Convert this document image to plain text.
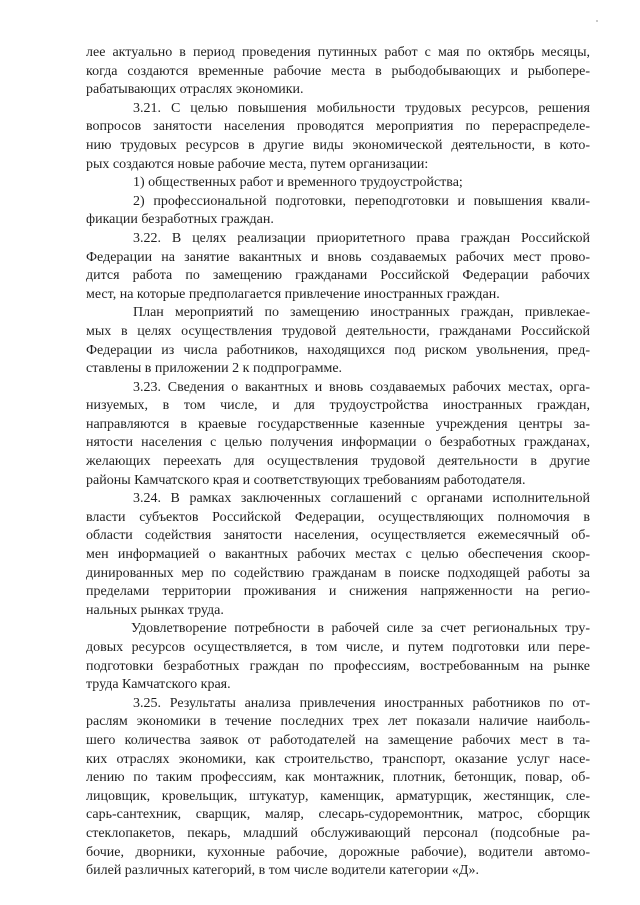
лее актуально в период проведения путинных работ с мая по октябрь месяцы,
когда создаются временные рабочие места в рыбодобывающих и рыбопере-
рабатывающих отраслях экономики.
3.21. С целью повышения мобильности трудовых ресурсов, решения
вопросов занятости населения проводятся мероприятия по перераспределе-
нию трудовых ресурсов в другие виды экономической деятельности, в кото-
рых создаются новые рабочие места, путем организации:
1) общественных работ и временного трудоустройства;
2) профессиональной подготовки, переподготовки и повышения квали-
фикации безработных граждан.
3.22. В целях реализации приоритетного права граждан Российской
Федерации на занятие вакантных и вновь создаваемых рабочих мест прово-
дится работа по замещению гражданами Российской Федерации рабочих
мест, на которые предполагается привлечение иностранных граждан.
План мероприятий по замещению иностранных граждан, привлекае-
мых в целях осуществления трудовой деятельности, гражданами Российской
Федерации из числа работников, находящихся под риском увольнения, пред-
ставлены в приложении 2 к подпрограмме.
3.23. Сведения о вакантных и вновь создаваемых рабочих местах, орга-
низуемых, в том числе, и для трудоустройства иностранных граждан,
направляются в краевые государственные казенные учреждения центры за-
нятости населения с целью получения информации о безработных гражданах,
желающих переехать для осуществления трудовой деятельности в другие
районы Камчатского края и соответствующих требованиям работодателя.
3.24. В рамках заключенных соглашений с органами исполнительной
власти субъектов Российской Федерации, осуществляющих полномочия в
области содействия занятости населения, осуществляется ежемесячный об-
мен информацией о вакантных рабочих местах с целью обеспечения скоор-
динированных мер по содействию гражданам в поиске подходящей работы за
пределами территории проживания и снижения напряженности на регио-
нальных рынках труда.
Удовлетворение потребности в рабочей силе за счет региональных тру-
довых ресурсов осуществляется, в том числе, и путем подготовки или пере-
подготовки безработных граждан по профессиям, востребованным на рынке
труда Камчатского края.
3.25. Результаты анализа привлечения иностранных работников по от-
раслям экономики в течение последних трех лет показали наличие наиболь-
шего количества заявок от работодателей на замещение рабочих мест в та-
ких отраслях экономики, как строительство, транспорт, оказание услуг насе-
лению по таким профессиям, как монтажник, плотник, бетонщик, повар, об-
лицовщик, кровельщик, штукатур, каменщик, арматурщик, жестянщик, сле-
сарь-сантехник, сварщик, маляр, слесарь-судоремонтник, матрос, сборщик
стеклопакетов, пекарь, младший обслуживающий персонал (подсобные ра-
бочие, дворники, кухонные рабочие, дорожные рабочие), водители автомо-
билей различных категорий, в том числе водители категории «Д».
